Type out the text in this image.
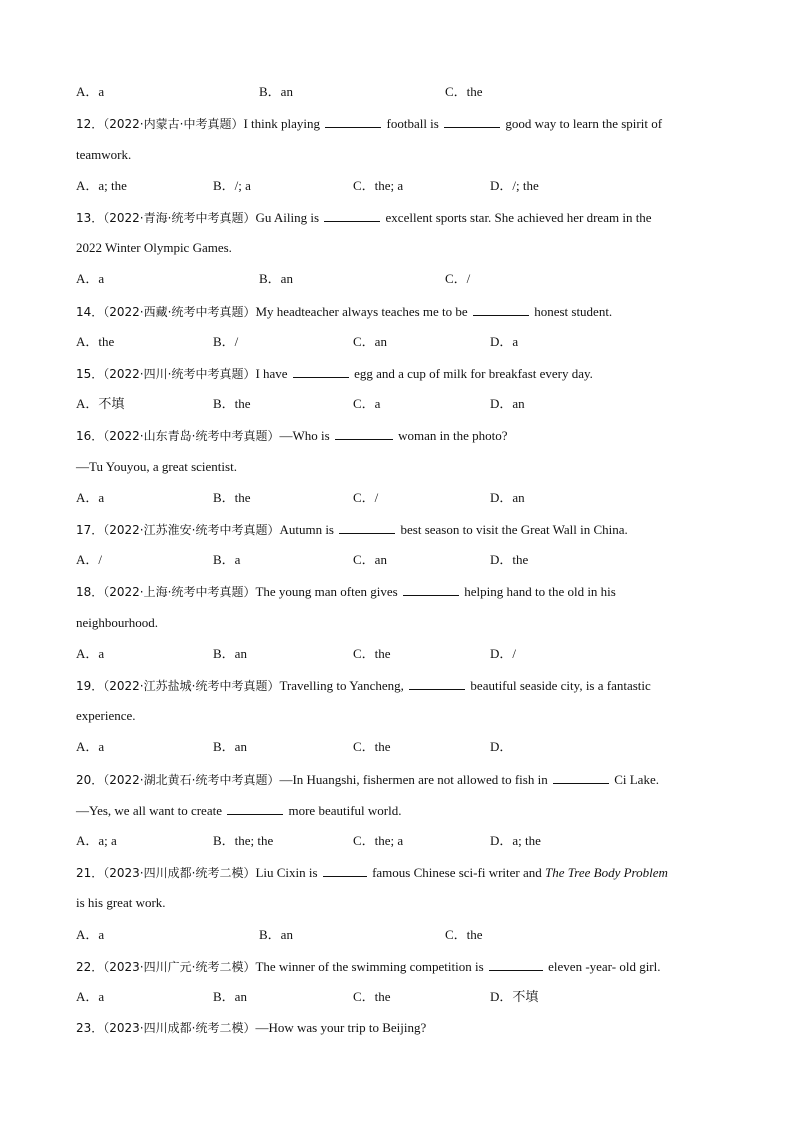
A．a	B．an	C．the
12．（2022·内蒙古·中考真题）I think playing	football is	good way to learn the spirit of
teamwork.
A．a; the	B．/; a	C．the; a	D．/; the
13．（2022·青海·统考中考真题）Gu Ailing is	excellent sports star. She achieved her dream in the
2022 Winter Olympic Games.
A．a	B．an	C．/
14．（2022·西藏·统考中考真题）My headteacher always teaches me to be	honest student.
A．the	B．/	C．an	D．a
15．（2022·四川·统考中考真题）I have	egg and a cup of milk for breakfast every day.
A．不填	B．the	C．a	D．an
16．（2022·山东青岛·统考中考真题）—Who is	woman in the photo?
—Tu Youyou, a great scientist.
A．a	B．the	C．/	D．an
17．（2022·江苏淮安·统考中考真题）Autumn is	best season to visit the Great Wall in China.
A．/	B．a	C．an	D．the
18．（2022·上海·统考中考真题）The young man often gives	helping hand to the old in his
neighbourhood.
A．a	B．an	C．the	D．/
19．（2022·江苏盐城·统考中考真题）Travelling to Yancheng,	beautiful seaside city, is a fantastic
experience.
A．a	B．an	C．the	D．
20．（2022·湖北黄石·统考中考真题）—In Huangshi, fishermen are not allowed to fish in	Ci Lake.
—Yes, we all want to create	more beautiful world.
A．a; a	B．the; the	C．the; a	D．a; the
21．（2023·四川成都·统考二模）Liu Cixin is	famous Chinese sci-fi writer and The Tree Body Problem
is his great work.
A．a	B．an	C．the
22．（2023·四川广元·统考二模）The winner of the swimming competition is	eleven -year- old girl.
A．a	B．an	C．the	D．不填
23．（2023·四川成都·统考二模）—How was your trip to Beijing?
